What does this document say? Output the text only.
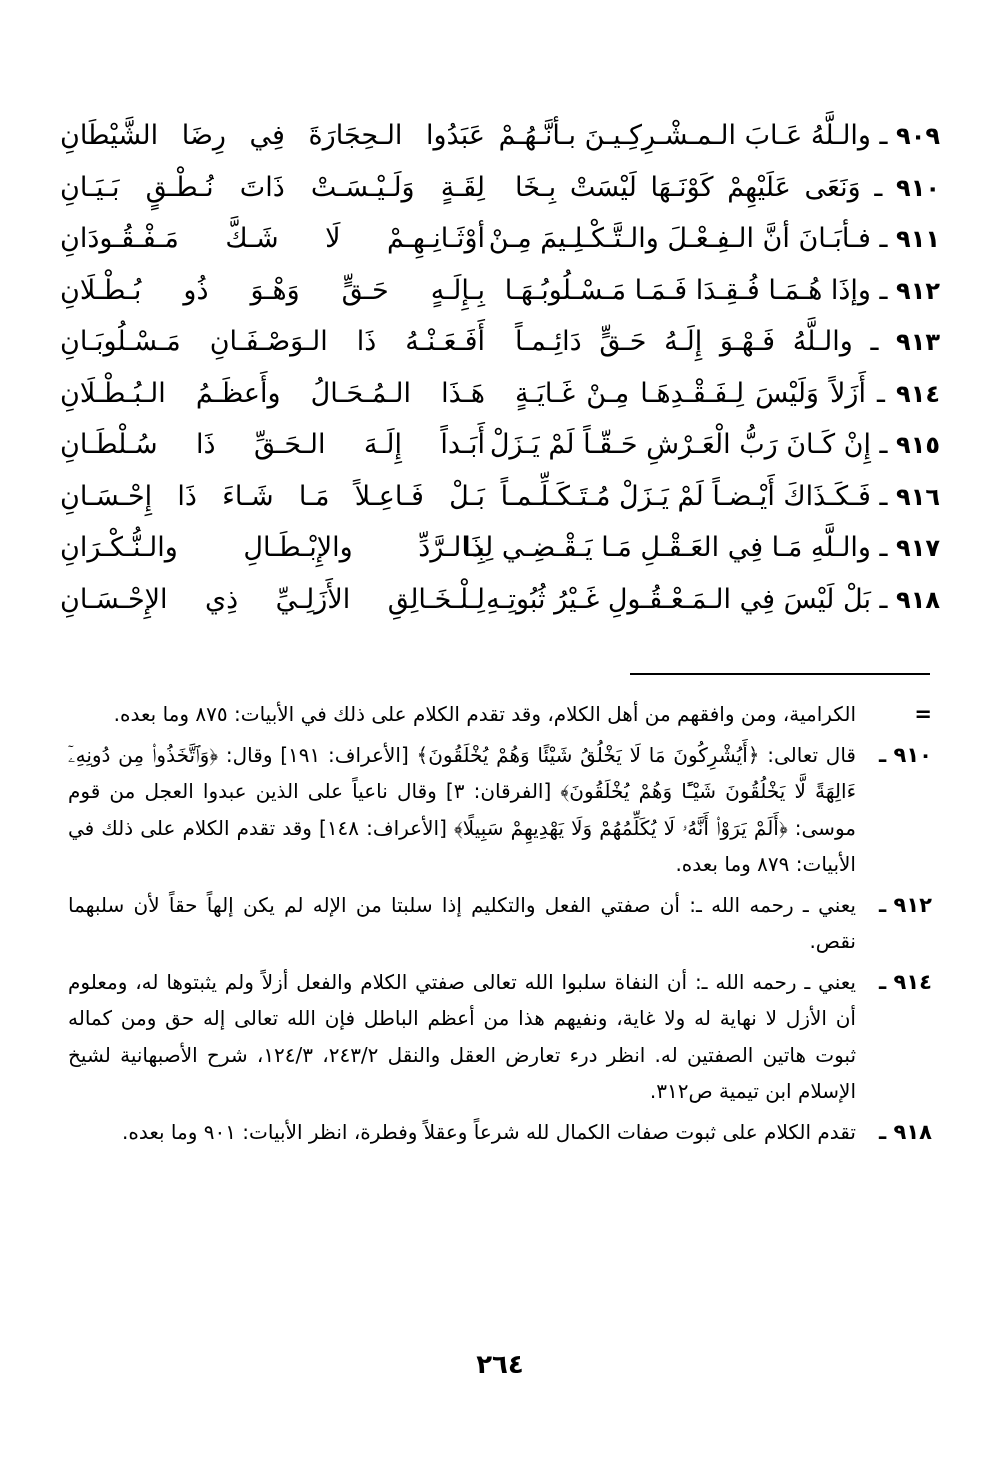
٩٠٩ ـ والـلَّهُ عَـابَ الـمـشْـرِكِـيـنَ بـأنَّـهُـمْ
عَبَدُوا الـحِجَارَةَ فِي رِضَا الشَّيْطَانِ
٩١٠ ـ وَنَعَى عَلَيْهِمْ كَوْنَـهَا لَيْسَتْ بِـخَا
لِقَـةٍ وَلَـيْـسَـتْ ذَاتَ نُـطْـقٍ بَـيَـانِ
٩١١ ـ فـأبَـانَ أنَّ الـفِـعْـلَ والـتَّـكْـلِـيمَ مِـنْ
أوْثَـانِـهِـمْ لَا شَـكَّ مَـفْـقُـودَانِ
٩١٢ ـ وإذَا هُـمَـا فُـقِـدَا فَـمَـا مَـسْـلُوبُـهَـا
بِـإِلَـهٍ حَـقٍّ وَهْـوَ ذُو بُـطْـلَانِ
٩١٣ ـ والـلَّهُ فَـهْـوَ إِلَـهُ حَـقٍّ دَائِـمـاً
أَفَـعَـنْـهُ ذَا الـوَصْـفَـانِ مَـسْـلُوبَـانِ
٩١٤ ـ أَزَلاً وَلَيْسَ لِـفَـقْـدِهَـا مِـنْ غَـايَـةٍ
هَـذَا الـمُـحَـالُ وأَعظَـمُ الـبُـطْـلَانِ
٩١٥ ـ إِنْ كَـانَ رَبُّ الْعَـرْشِ حَـقّـاً لَمْ يَـزَلْ
أَبَـداً إِلَـهَ الـحَـقِّ ذَا سُـلْطَـانِ
٩١٦ ـ فَـكَـذَاكَ أَيْـضـاً لَمْ يَـزَلْ مُـتَـكَـلِّـمـاً
بَـلْ فَـاعِـلاً مَـا شَـاءَ ذَا إِحْـسَـانِ
٩١٧ ـ والـلَّهِ مَـا فِي العَـقْـلِ مَـا يَـقْـضِـي لِذَا
بِـالـرَّدِّ والإِبْـطَـالِ والـنُّـكْـرَانِ
٩١٨ ـ بَلْ لَيْسَ فِي الـمَـعْـقُـولِ غَـيْرُ ثُبُوتِـهِ
لِـلْـخَـالِقِ الأَزَلِـيِّ ذِي الإِحْـسَـانِ
=
الكرامية، ومن وافقهم من أهل الكلام، وقد تقدم الكلام على ذلك في الأبيات: ٨٧٥ وما بعده.
٩١٠ ـ
قال تعالى: ﴿أَيُشْرِكُونَ مَا لَا يَخْلُقُ شَيْئًا وَهُمْ يُخْلَقُونَ﴾ [الأعراف: ١٩١] وقال: ﴿وَٱتَّخَذُوا۟ مِن دُونِهِۦٓ ءَالِهَةً لَّا يَخْلُقُونَ شَيْـًٔا وَهُمْ يُخْلَقُونَ﴾ [الفرقان: ٣] وقال ناعياً على الذين عبدوا العجل من قوم موسى: ﴿أَلَمْ يَرَوْا۟ أَنَّهُۥ لَا يُكَلِّمُهُمْ وَلَا يَهْدِيهِمْ سَبِيلًا﴾ [الأعراف: ١٤٨] وقد تقدم الكلام على ذلك في الأبيات: ٨٧٩ وما بعده.
٩١٢ ـ
يعني ـ رحمه الله ـ: أن صفتي الفعل والتكليم إذا سلبتا من الإله لم يكن إلهاً حقاً لأن سلبهما نقص.
٩١٤ ـ
يعني ـ رحمه الله ـ: أن النفاة سلبوا الله تعالى صفتي الكلام والفعل أزلاً ولم يثبتوها له، ومعلوم أن الأزل لا نهاية له ولا غاية، ونفيهم هذا من أعظم الباطل فإن الله تعالى إله حق ومن كماله ثبوت هاتين الصفتين له. انظر درء تعارض العقل والنقل ٢٤٣/٢، ١٢٤/٣، شرح الأصبهانية لشيخ الإسلام ابن تيمية ص٣١٢.
٩١٨ ـ
تقدم الكلام على ثبوت صفات الكمال لله شرعاً وعقلاً وفطرة، انظر الأبيات: ٩٠١ وما بعده.
٢٦٤
